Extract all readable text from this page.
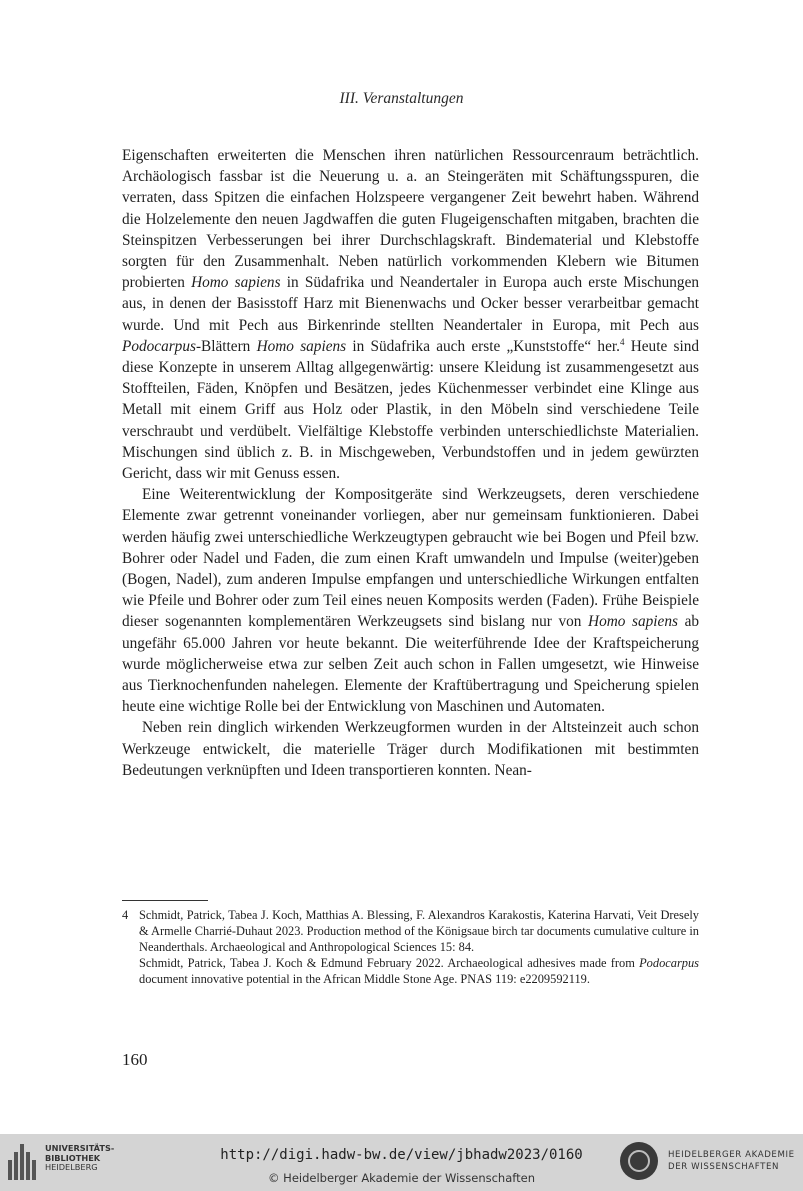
III. Veranstaltungen

Eigenschaften erweiterten die Menschen ihren natürlichen Ressourcenraum beträchtlich. Archäologisch fassbar ist die Neuerung u. a. an Steingeräten mit Schäftungsspuren, die verraten, dass Spitzen die einfachen Holzspeere vergangener Zeit bewehrt haben. Während die Holzelemente den neuen Jagdwaffen die guten Flugeigenschaften mitgaben, brachten die Steinspitzen Verbesserungen bei ihrer Durchschlagskraft. Bindematerial und Klebstoffe sorgten für den Zusammenhalt. Neben natürlich vorkommenden Klebern wie Bitumen probierten Homo sapiens in Südafrika und Neandertaler in Europa auch erste Mischungen aus, in denen der Basisstoff Harz mit Bienenwachs und Ocker besser verarbeitbar gemacht wurde. Und mit Pech aus Birkenrinde stellten Neandertaler in Europa, mit Pech aus Podocarpus-Blättern Homo sapiens in Südafrika auch erste „Kunststoffe“ her.$^4$ Heute sind diese Konzepte in unserem Alltag allgegenwärtig: unsere Kleidung ist zusammengesetzt aus Stoffteilen, Fäden, Knöpfen und Besätzen, jedes Küchenmesser verbindet eine Klinge aus Metall mit einem Griff aus Holz oder Plastik, in den Möbeln sind verschiedene Teile verschraubt und verdübelt. Vielfältige Klebstoffe verbinden unterschiedlichste Materialien. Mischungen sind üblich z. B. in Mischgeweben, Verbundstoffen und in jedem gewürzten Gericht, dass wir mit Genuss essen.

Eine Weiterentwicklung der Kompositgeräte sind Werkzeugsets, deren verschiedene Elemente zwar getrennt voneinander vorliegen, aber nur gemeinsam funktionieren. Dabei werden häufig zwei unterschiedliche Werkzeugtypen gebraucht wie bei Bogen und Pfeil bzw. Bohrer oder Nadel und Faden, die zum einen Kraft umwandeln und Impulse (weiter)geben (Bogen, Nadel), zum anderen Impulse empfangen und unterschiedliche Wirkungen entfalten wie Pfeile und Bohrer oder zum Teil eines neuen Komposits werden (Faden). Frühe Beispiele dieser sogenannten komplementären Werkzeugsets sind bislang nur von Homo sapiens ab ungefähr 65.000 Jahren vor heute bekannt. Die weiterführende Idee der Kraftspeicherung wurde möglicherweise etwa zur selben Zeit auch schon in Fallen umgesetzt, wie Hinweise aus Tierknochenfunden nahelegen. Elemente der Kraftübertragung und Speicherung spielen heute eine wichtige Rolle bei der Entwicklung von Maschinen und Automaten.

Neben rein dinglich wirkenden Werkzeugformen wurden in der Altsteinzeit auch schon Werkzeuge entwickelt, die materielle Träger durch Modifikationen mit bestimmten Bedeutungen verknüpften und Ideen transportieren konnten. Nean-

4 Schmidt, Patrick, Tabea J. Koch, Matthias A. Blessing, F. Alexandros Karakostis, Katerina Harvati, Veit Dresely & Armelle Charrié-Duhaut 2023. Production method of the Königsaue birch tar documents cumulative culture in Neanderthals. Archaeological and Anthropological Sciences 15: 84.
Schmidt, Patrick, Tabea J. Koch & Edmund February 2022. Archaeological adhesives made from Podocarpus document innovative potential in the African Middle Stone Age. PNAS 119: e2209592119.
160
UNIVERSITÄTS-
BIBLIOTHEK
HEIDELBERG
http://digi.hadw-bw.de/view/jbhadw2023/0160
© Heidelberger Akademie der Wissenschaften
HEIDELBERGER AKADEMIE
DER WISSENSCHAFTEN
